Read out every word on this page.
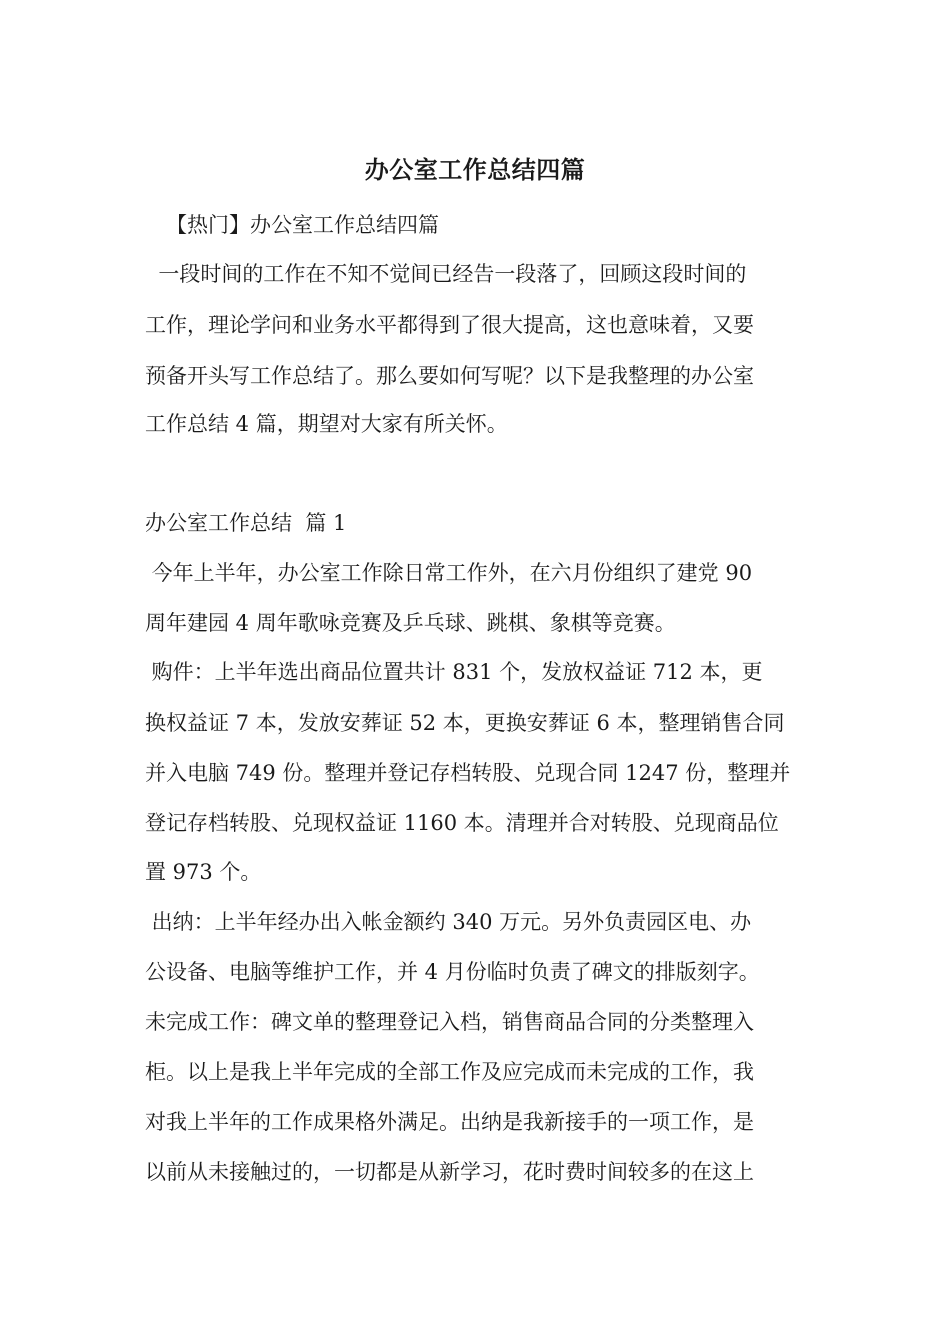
办公室工作总结四篇
【热门】办公室工作总结四篇
一段时间的工作在不知不觉间已经告一段落了，回顾这段时间的
工作，理论学问和业务水平都得到了很大提高，这也意味着，又要
预备开头写工作总结了。那么要如何写呢？以下是我整理的办公室
工作总结 4 篇，期望对大家有所关怀。
办公室工作总结  篇 1
今年上半年，办公室工作除日常工作外，在六月份组织了建党 90
周年建园 4 周年歌咏竞赛及乒乓球、跳棋、象棋等竞赛。
购件：上半年选出商品位置共计 831 个，发放权益证 712 本，更
换权益证 7 本，发放安葬证 52 本，更换安葬证 6 本，整理销售合同
并入电脑 749 份。整理并登记存档转股、兑现合同 1247 份，整理并
登记存档转股、兑现权益证 1160 本。清理并合对转股、兑现商品位
置 973 个。
出纳：上半年经办出入帐金额约 340 万元。另外负责园区电、办
公设备、电脑等维护工作，并 4 月份临时负责了碑文的排版刻字。
未完成工作：碑文单的整理登记入档，销售商品合同的分类整理入
柜。以上是我上半年完成的全部工作及应完成而未完成的工作，我
对我上半年的工作成果格外满足。出纳是我新接手的一项工作，是
以前从未接触过的，一切都是从新学习，花时费时间较多的在这上
